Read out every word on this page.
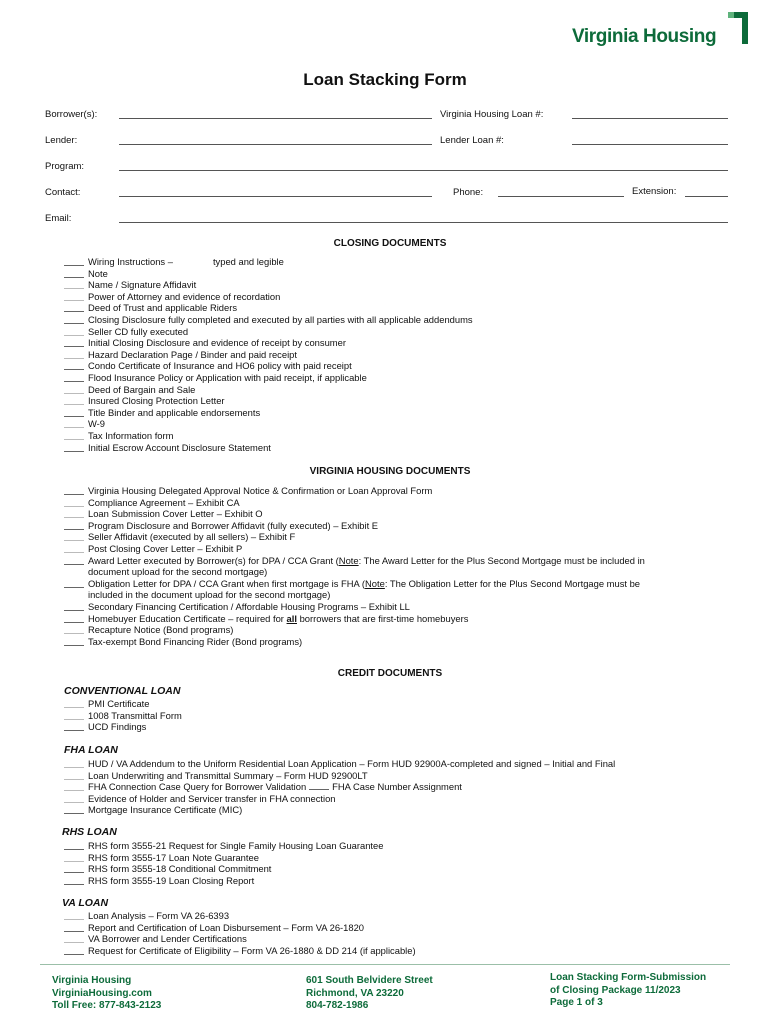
Virginia Housing
Loan Stacking Form
Borrower(s):	Virginia Housing Loan #:
Lender:	Lender Loan #:
Program:
Contact:	Phone:	Extension:
Email:
CLOSING DOCUMENTS
Wiring Instructions –	typed and legible
Note
Name / Signature Affidavit
Power of Attorney and evidence of recordation
Deed of Trust and applicable Riders
Closing Disclosure fully completed and executed by all parties with all applicable addendums
Seller CD fully executed
Initial Closing Disclosure and evidence of receipt by consumer
Hazard Declaration Page / Binder and paid receipt
Condo Certificate of Insurance and HO6 policy with paid receipt
Flood Insurance Policy or Application with paid receipt, if applicable
Deed of Bargain and Sale
Insured Closing Protection Letter
Title Binder and applicable endorsements
W-9
Tax Information form
Initial Escrow Account Disclosure Statement
VIRGINIA HOUSING DOCUMENTS
Virginia Housing Delegated Approval Notice & Confirmation or Loan Approval Form
Compliance Agreement – Exhibit CA
Loan Submission Cover Letter – Exhibit O
Program Disclosure and Borrower Affidavit (fully executed) – Exhibit E
Seller Affidavit (executed by all sellers) – Exhibit F
Post Closing Cover Letter – Exhibit P
Award Letter executed by Borrower(s) for DPA / CCA Grant (Note: The Award Letter for the Plus Second Mortgage must be included in
document upload for the second mortgage)
Obligation Letter for DPA / CCA Grant when first mortgage is FHA (Note: The Obligation Letter for the Plus Second Mortgage must be
included in the document upload for the second mortgage)
Secondary Financing Certification / Affordable Housing Programs – Exhibit LL
Homebuyer Education Certificate – required for all borrowers that are first-time homebuyers
Recapture Notice (Bond programs)
Tax-exempt Bond Financing Rider (Bond programs)
CREDIT DOCUMENTS
CONVENTIONAL LOAN
PMI Certificate
1008 Transmittal Form
UCD Findings
FHA LOAN
HUD / VA Addendum to the Uniform Residential Loan Application – Form HUD 92900A-completed and signed – Initial and Final
Loan Underwriting and Transmittal Summary – Form HUD 92900LT
FHA Connection Case Query for Borrower Validation	FHA Case Number Assignment
Evidence of Holder and Servicer transfer in FHA connection
Mortgage Insurance Certificate (MIC)
RHS LOAN
RHS form 3555-21 Request for Single Family Housing Loan Guarantee
RHS form 3555-17 Loan Note Guarantee
RHS form 3555-18 Conditional Commitment
RHS form 3555-19 Loan Closing Report
VA LOAN
Loan Analysis – Form VA 26-6393
Report and Certification of Loan Disbursement – Form VA 26-1820
VA Borrower and Lender Certifications
Request for Certificate of Eligibility – Form VA 26-1880 & DD 214 (if applicable)
Virginia Housing
VirginiaHousing.com
Toll Free: 877-843-2123
601 South Belvidere Street
Richmond, VA 23220
804-782-1986
Loan Stacking Form-Submission
of Closing Package 11/2023
Page 1 of 3
